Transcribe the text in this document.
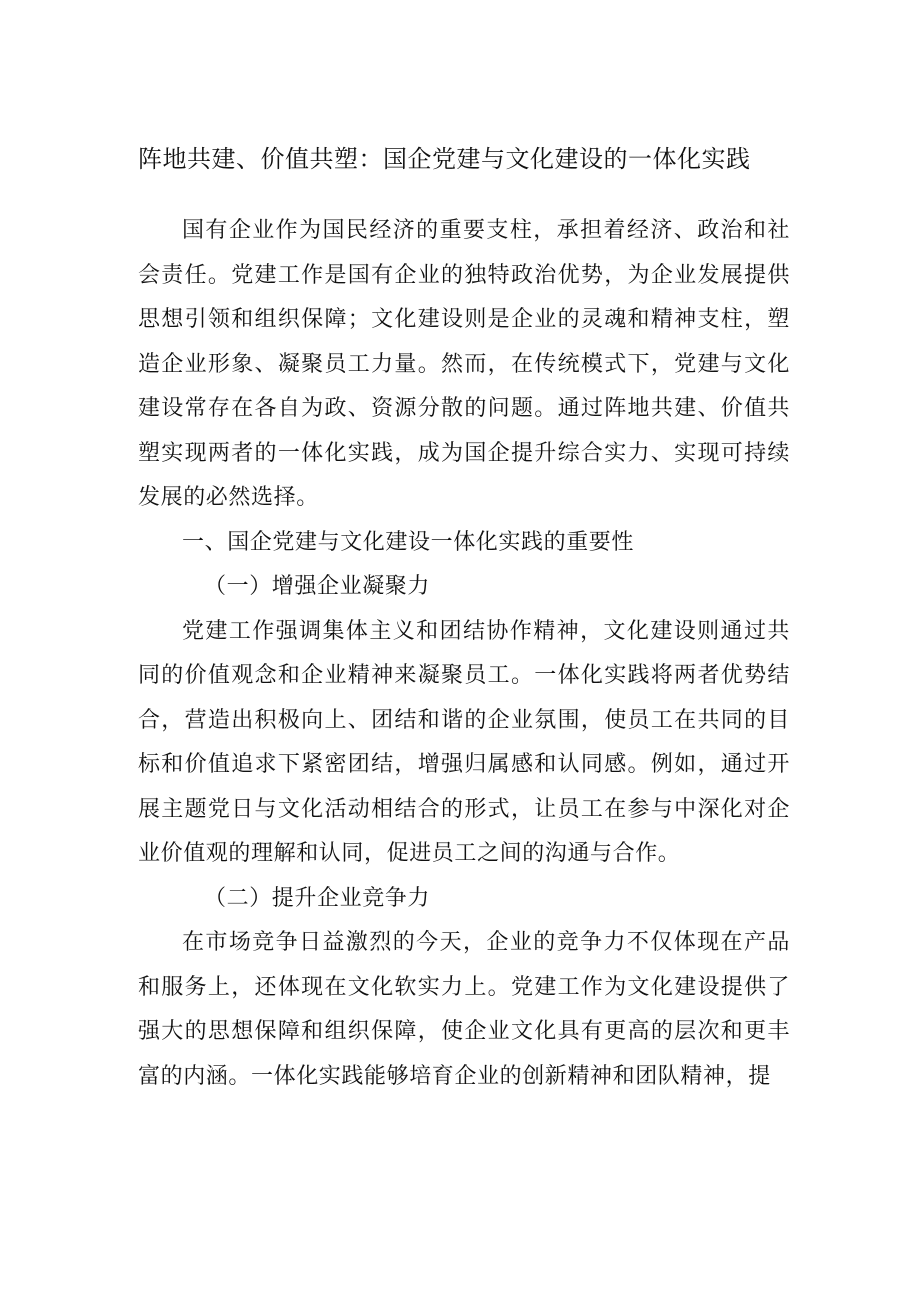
阵地共建、价值共塑：国企党建与文化建设的一体化实践

国有企业作为国民经济的重要支柱，承担着经济、政治和社会责任。党建工作是国有企业的独特政治优势，为企业发展提供思想引领和组织保障；文化建设则是企业的灵魂和精神支柱，塑造企业形象、凝聚员工力量。然而，在传统模式下，党建与文化建设常存在各自为政、资源分散的问题。通过阵地共建、价值共塑实现两者的一体化实践，成为国企提升综合实力、实现可持续发展的必然选择。

一、国企党建与文化建设一体化实践的重要性

（一）增强企业凝聚力

党建工作强调集体主义和团结协作精神，文化建设则通过共同的价值观念和企业精神来凝聚员工。一体化实践将两者优势结合，营造出积极向上、团结和谐的企业氛围，使员工在共同的目标和价值追求下紧密团结，增强归属感和认同感。例如，通过开展主题党日与文化活动相结合的形式，让员工在参与中深化对企业价值观的理解和认同，促进员工之间的沟通与合作。

（二）提升企业竞争力

在市场竞争日益激烈的今天，企业的竞争力不仅体现在产品和服务上，还体现在文化软实力上。党建工作为文化建设提供了强大的思想保障和组织保障，使企业文化具有更高的层次和更丰富的内涵。一体化实践能够培育企业的创新精神和团队精神，提
